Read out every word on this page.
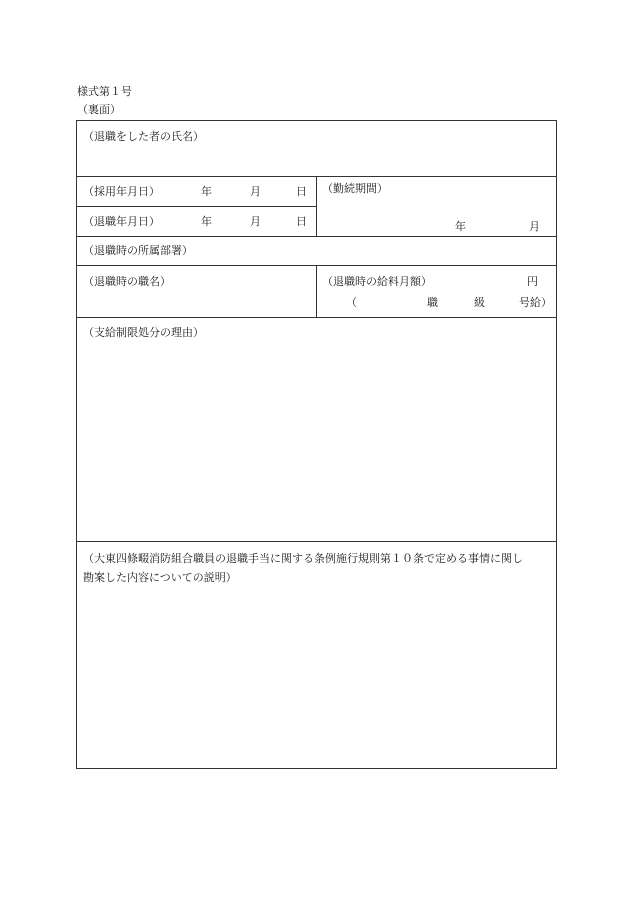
様式第１号
（裏面）
（退職をした者の氏名）
（採用年月日）	年	月	日
（退職年月日）	年	月	日
（勤続期間）
年	月
（退職時の所属部署）
（退職時の職名）	（退職時の給料月額）	円
（	職	級	号給）
（支給制限処分の理由）
（大東四條畷消防組合職員の退職手当に関する条例施行規則第１０条で定める事情に関し
勘案した内容についての説明）
